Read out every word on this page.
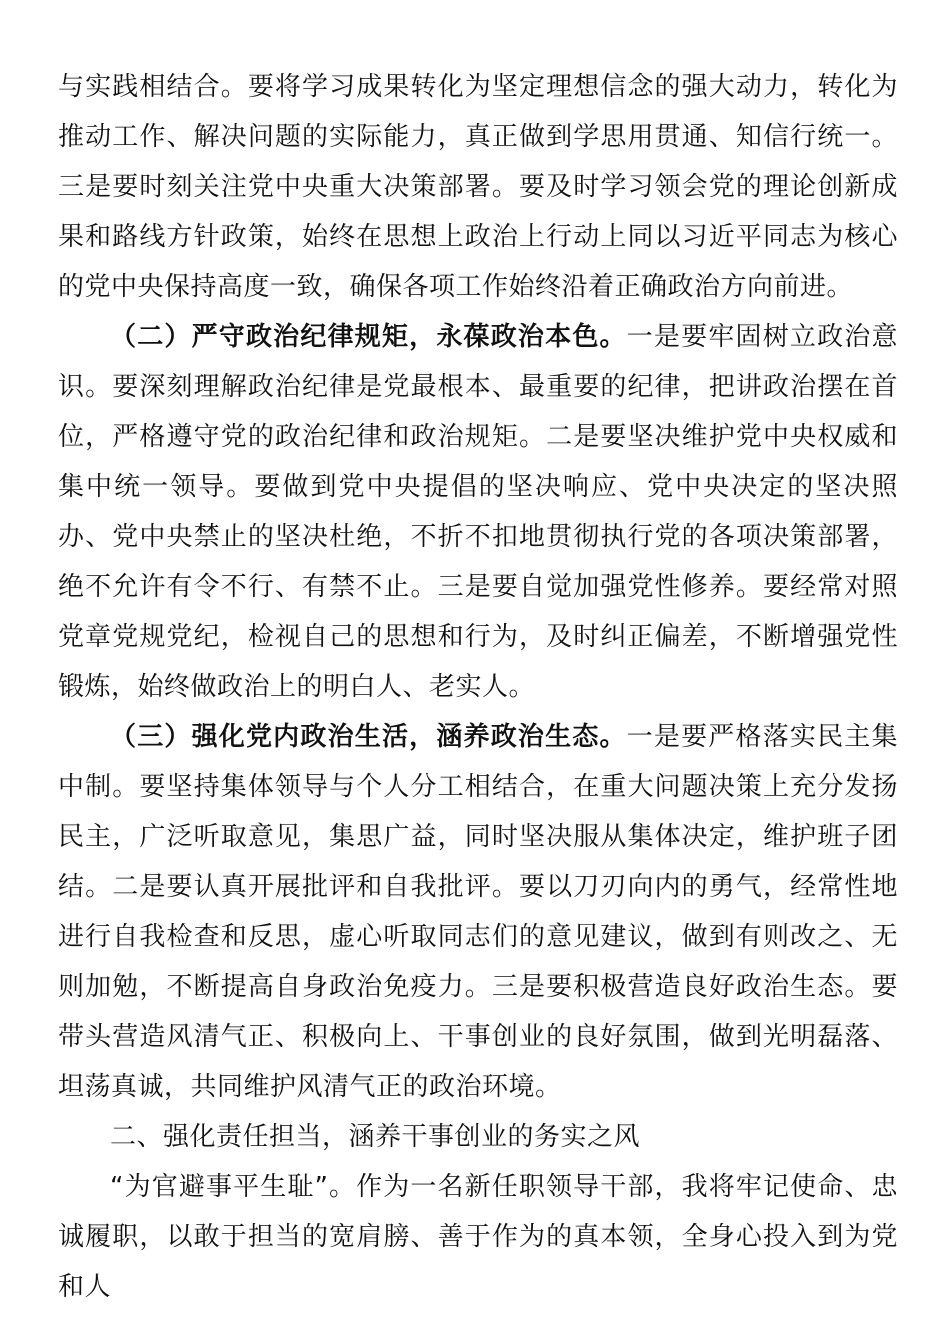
与实践相结合。要将学习成果转化为坚定理想信念的强大动力，转化为推动工作、解决问题的实际能力，真正做到学思用贯通、知信行统一。三是要时刻关注党中央重大决策部署。要及时学习领会党的理论创新成果和路线方针政策，始终在思想上政治上行动上同以习近平同志为核心的党中央保持高度一致，确保各项工作始终沿着正确政治方向前进。

（二）严守政治纪律规矩，永葆政治本色。一是要牢固树立政治意识。要深刻理解政治纪律是党最根本、最重要的纪律，把讲政治摆在首位，严格遵守党的政治纪律和政治规矩。二是要坚决维护党中央权威和集中统一领导。要做到党中央提倡的坚决响应、党中央决定的坚决照办、党中央禁止的坚决杜绝，不折不扣地贯彻执行党的各项决策部署，绝不允许有令不行、有禁不止。三是要自觉加强党性修养。要经常对照党章党规党纪，检视自己的思想和行为，及时纠正偏差，不断增强党性锻炼，始终做政治上的明白人、老实人。

（三）强化党内政治生活，涵养政治生态。一是要严格落实民主集中制。要坚持集体领导与个人分工相结合，在重大问题决策上充分发扬民主，广泛听取意见，集思广益，同时坚决服从集体决定，维护班子团结。二是要认真开展批评和自我批评。要以刀刃向内的勇气，经常性地进行自我检查和反思，虚心听取同志们的意见建议，做到有则改之、无则加勉，不断提高自身政治免疫力。三是要积极营造良好政治生态。要带头营造风清气正、积极向上、干事创业的良好氛围，做到光明磊落、坦荡真诚，共同维护风清气正的政治环境。

二、强化责任担当，涵养干事创业的务实之风

“为官避事平生耻”。作为一名新任职领导干部，我将牢记使命、忠诚履职，以敢于担当的宽肩膀、善于作为的真本领，全身心投入到为党和人
